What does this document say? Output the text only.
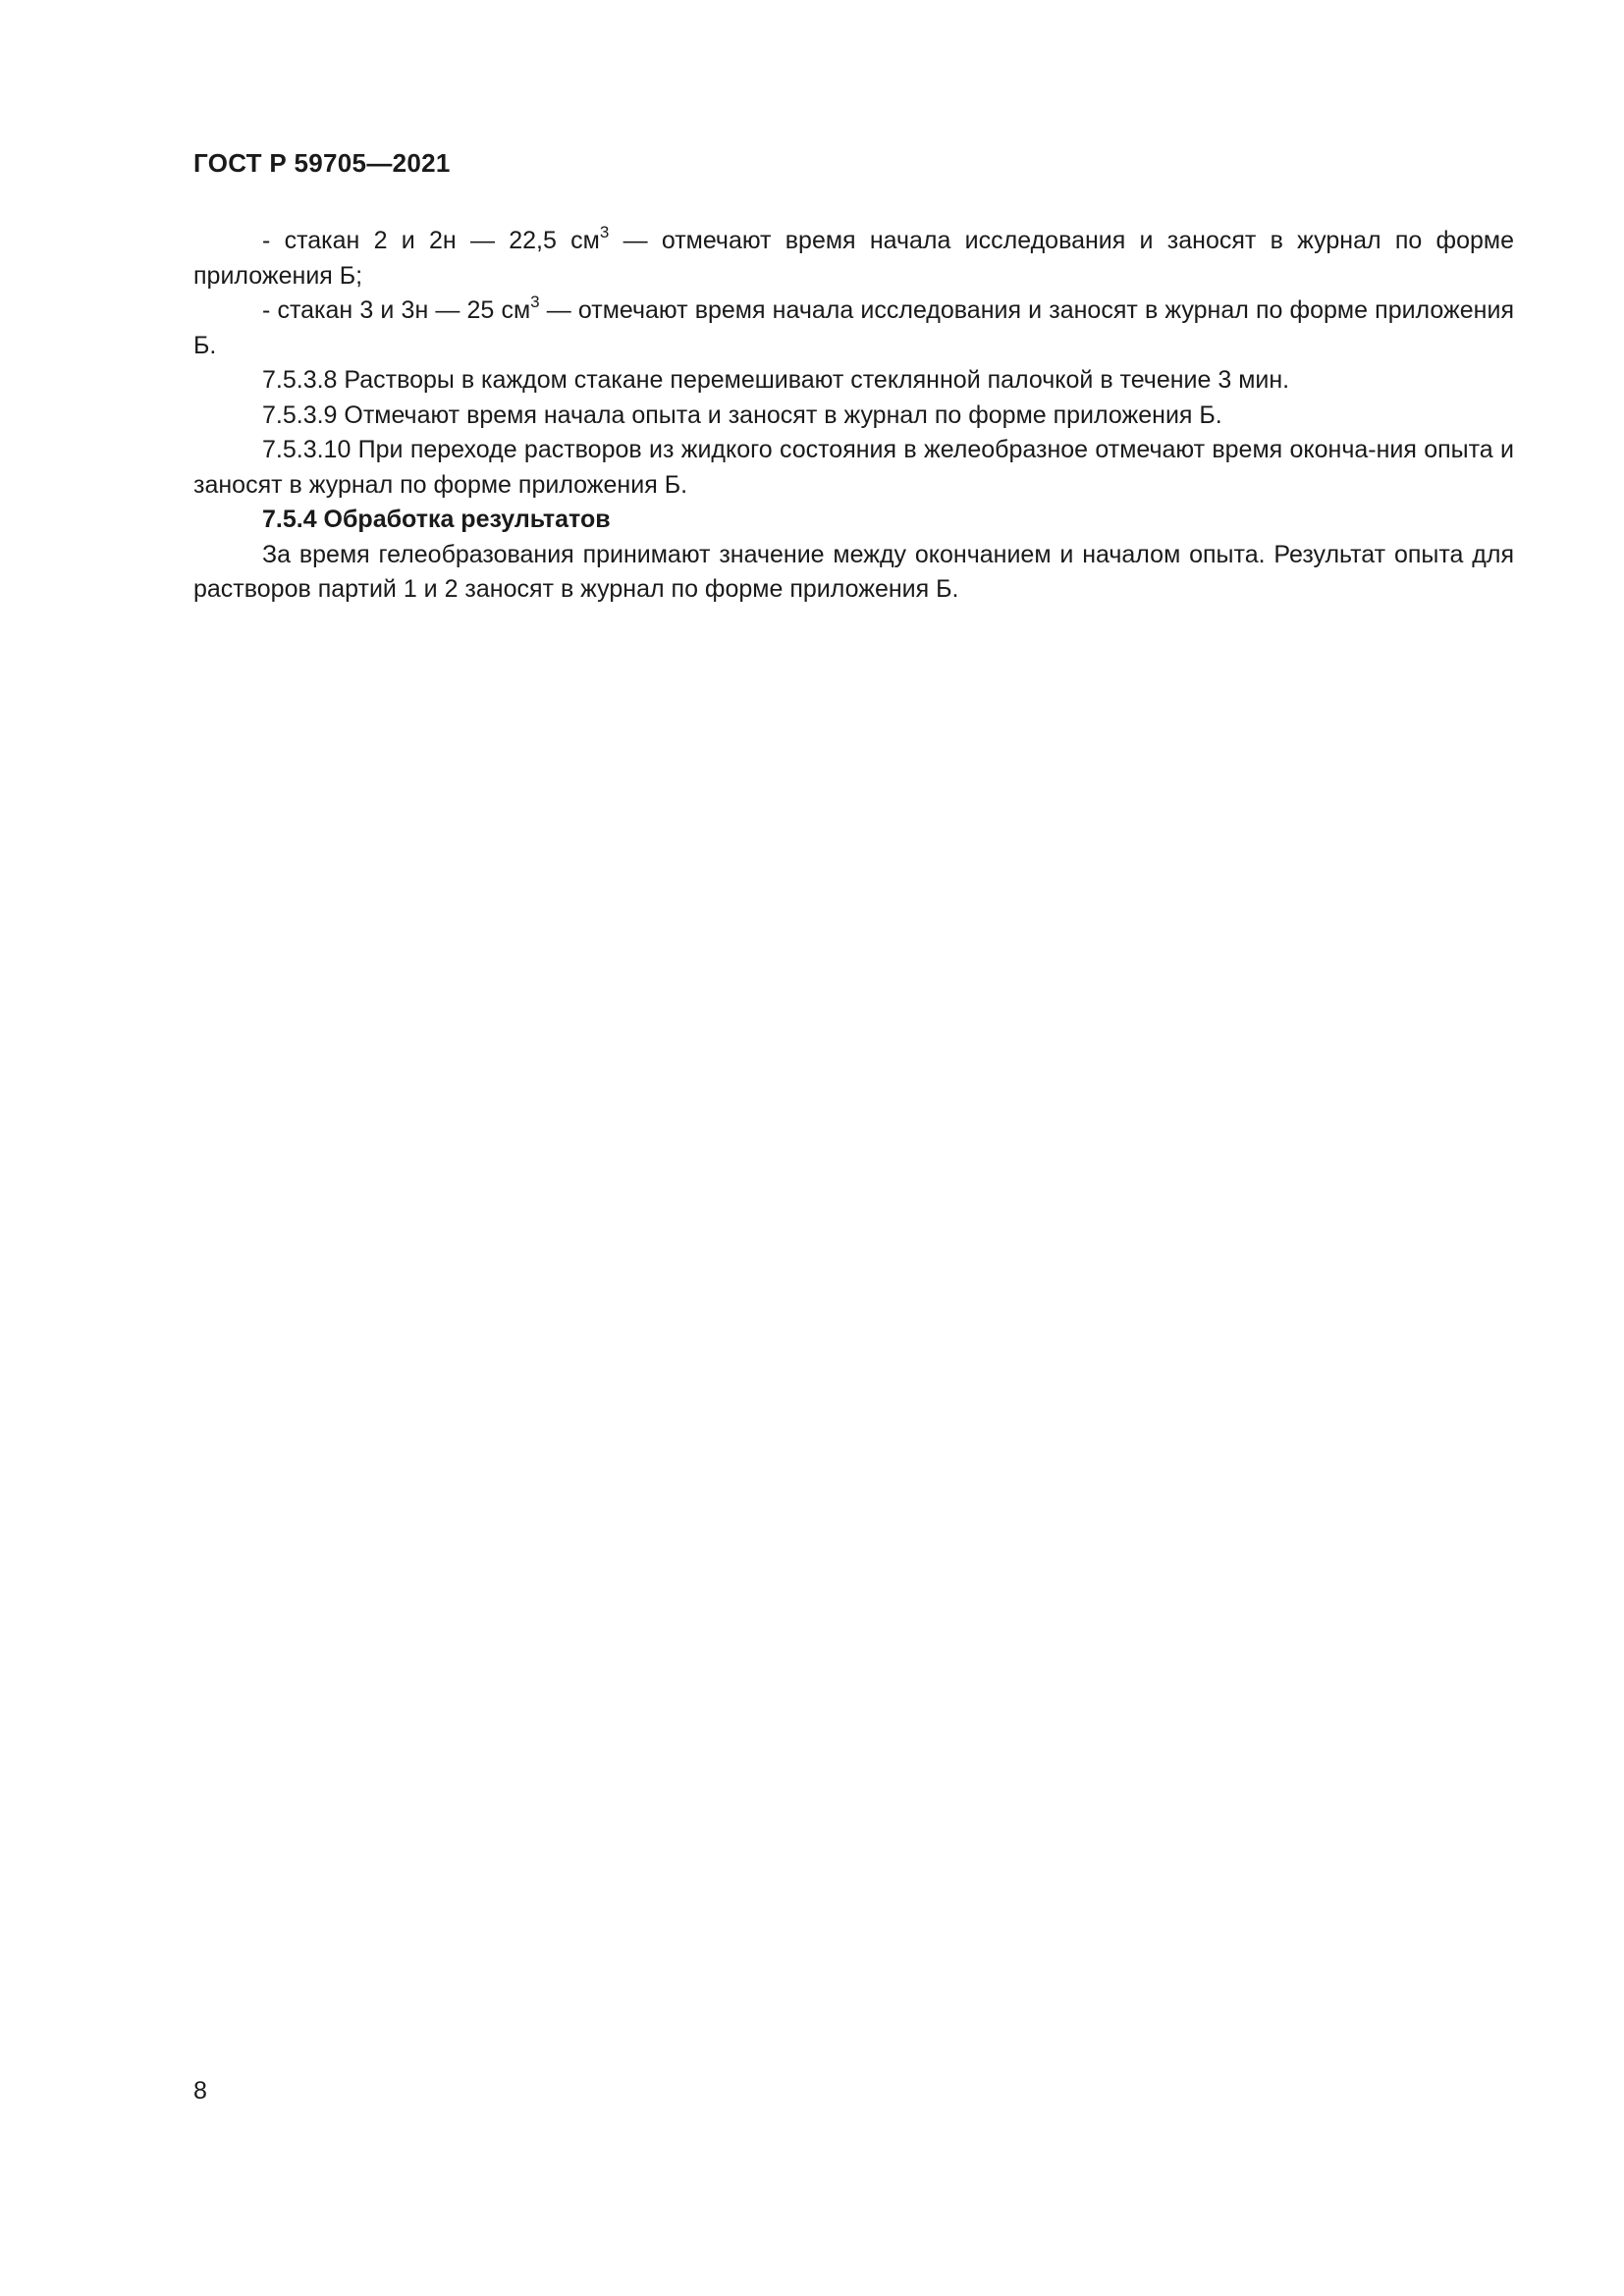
ГОСТ Р 59705—2021

- стакан 2 и 2н — 22,5 $см^3$ — отмечают время начала исследования и заносят в журнал по форме приложения Б;

- стакан 3 и 3н — 25 $см^3$ — отмечают время начала исследования и заносят в журнал по форме приложения Б.

7.5.3.8 Растворы в каждом стакане перемешивают стеклянной палочкой в течение 3 мин.

7.5.3.9 Отмечают время начала опыта и заносят в журнал по форме приложения Б.

7.5.3.10 При переходе растворов из жидкого состояния в желеобразное отмечают время оконча-ния опыта и заносят в журнал по форме приложения Б.

7.5.4 Обработка результатов

За время гелеобразования принимают значение между окончанием и началом опыта. Результат опыта для растворов партий 1 и 2 заносят в журнал по форме приложения Б.

8
